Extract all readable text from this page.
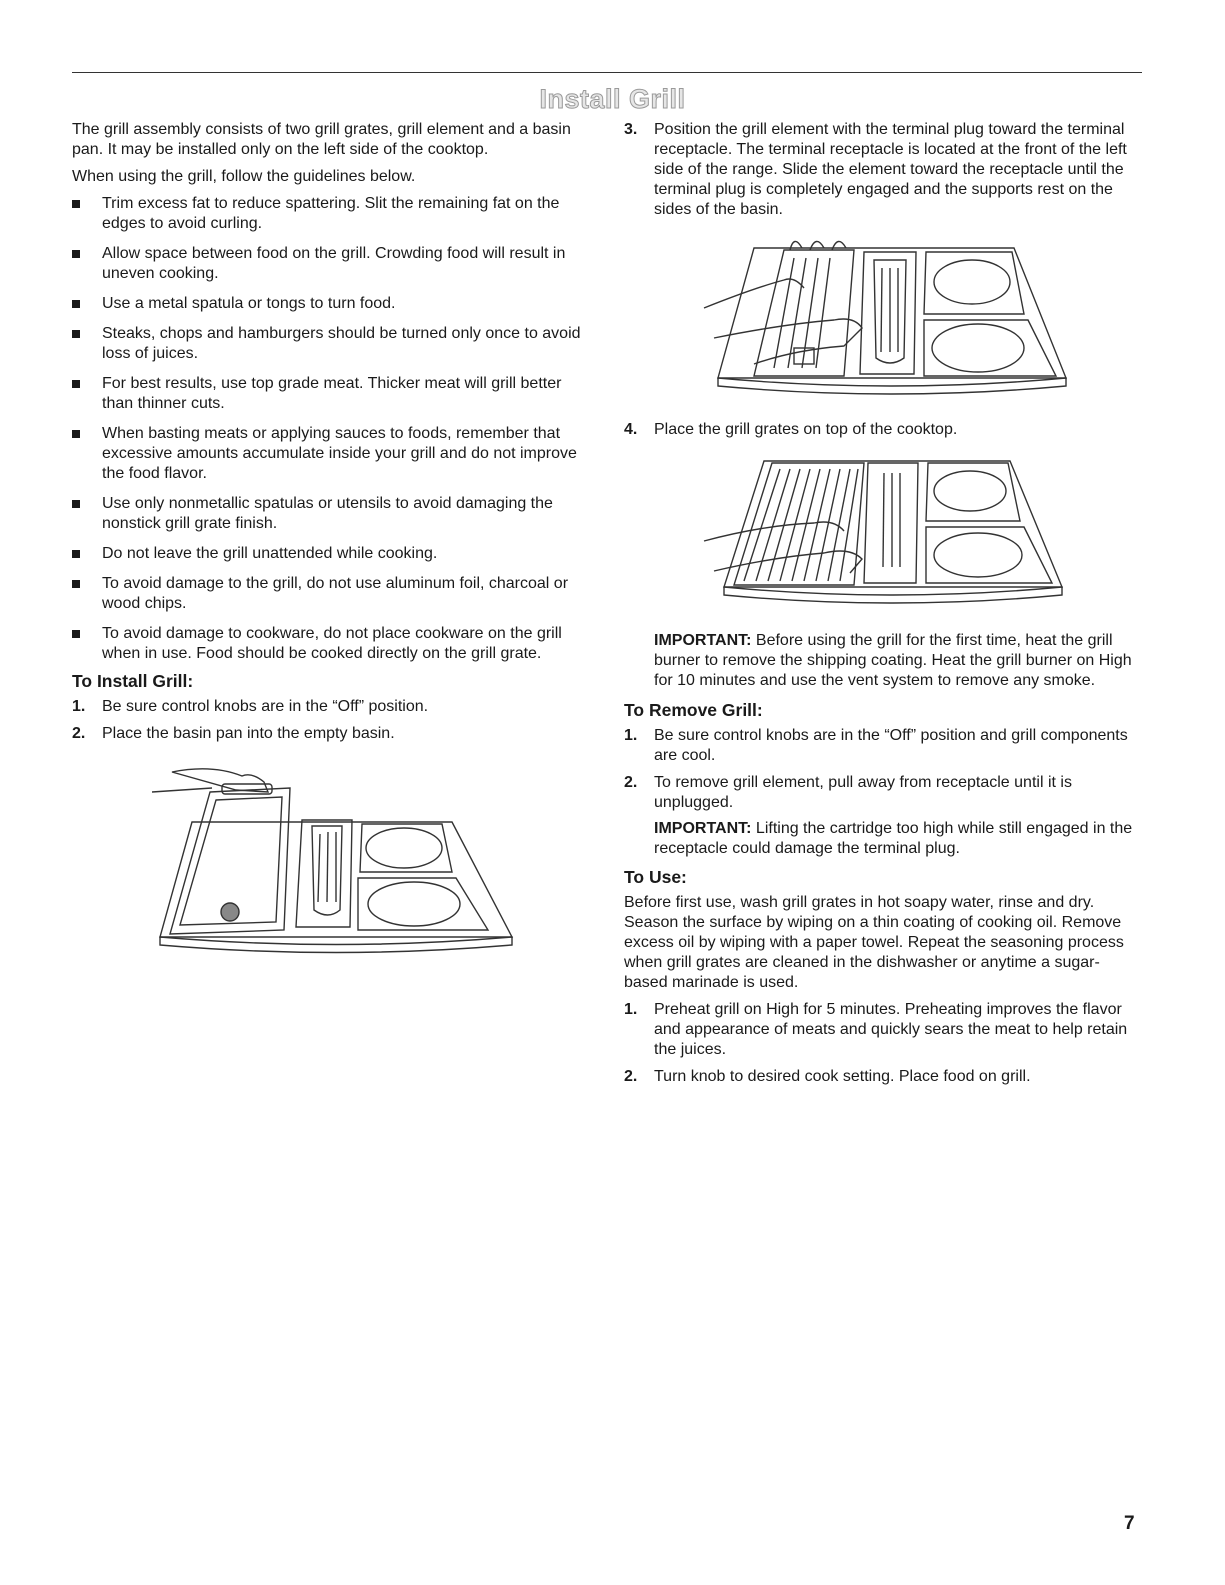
Install Grill

The grill assembly consists of two grill grates, grill element and a basin pan. It may be installed only on the left side of the cooktop.

When using the grill, follow the guidelines below.

Trim excess fat to reduce spattering. Slit the remaining fat on the edges to avoid curling.
Allow space between food on the grill. Crowding food will result in uneven cooking.
Use a metal spatula or tongs to turn food.
Steaks, chops and hamburgers should be turned only once to avoid loss of juices.
For best results, use top grade meat. Thicker meat will grill better than thinner cuts.
When basting meats or applying sauces to foods, remember that excessive amounts accumulate inside your grill and do not improve the food flavor.
Use only nonmetallic spatulas or utensils to avoid damaging the nonstick grill grate finish.
Do not leave the grill unattended while cooking.
To avoid damage to the grill, do not use aluminum foil, charcoal or wood chips.
To avoid damage to cookware, do not place cookware on the grill when in use. Food should be cooked directly on the grill grate.
To Install Grill:
1. Be sure control knobs are in the “Off” position.
2. Place the basin pan into the empty basin.
3. Position the grill element with the terminal plug toward the terminal receptacle. The terminal receptacle is located at the front of the left side of the range. Slide the element toward the receptacle until the terminal plug is completely engaged and the supports rest on the sides of the basin.
4. Place the grill grates on top of the cooktop.
IMPORTANT: Before using the grill for the first time, heat the grill burner to remove the shipping coating. Heat the grill burner on High for 10 minutes and use the vent system to remove any smoke.
To Remove Grill:
1. Be sure control knobs are in the “Off” position and grill components are cool.
2. To remove grill element, pull away from receptacle until it is unplugged.
IMPORTANT: Lifting the cartridge too high while still engaged in the receptacle could damage the terminal plug.
To Use:

Before first use, wash grill grates in hot soapy water, rinse and dry. Season the surface by wiping on a thin coating of cooking oil. Remove excess oil by wiping with a paper towel. Repeat the seasoning process when grill grates are cleaned in the dishwasher or anytime a sugar-based marinade is used.

1. Preheat grill on High for 5 minutes. Preheating improves the flavor and appearance of meats and quickly sears the meat to help retain the juices.
2. Turn knob to desired cook setting. Place food on grill.
7
